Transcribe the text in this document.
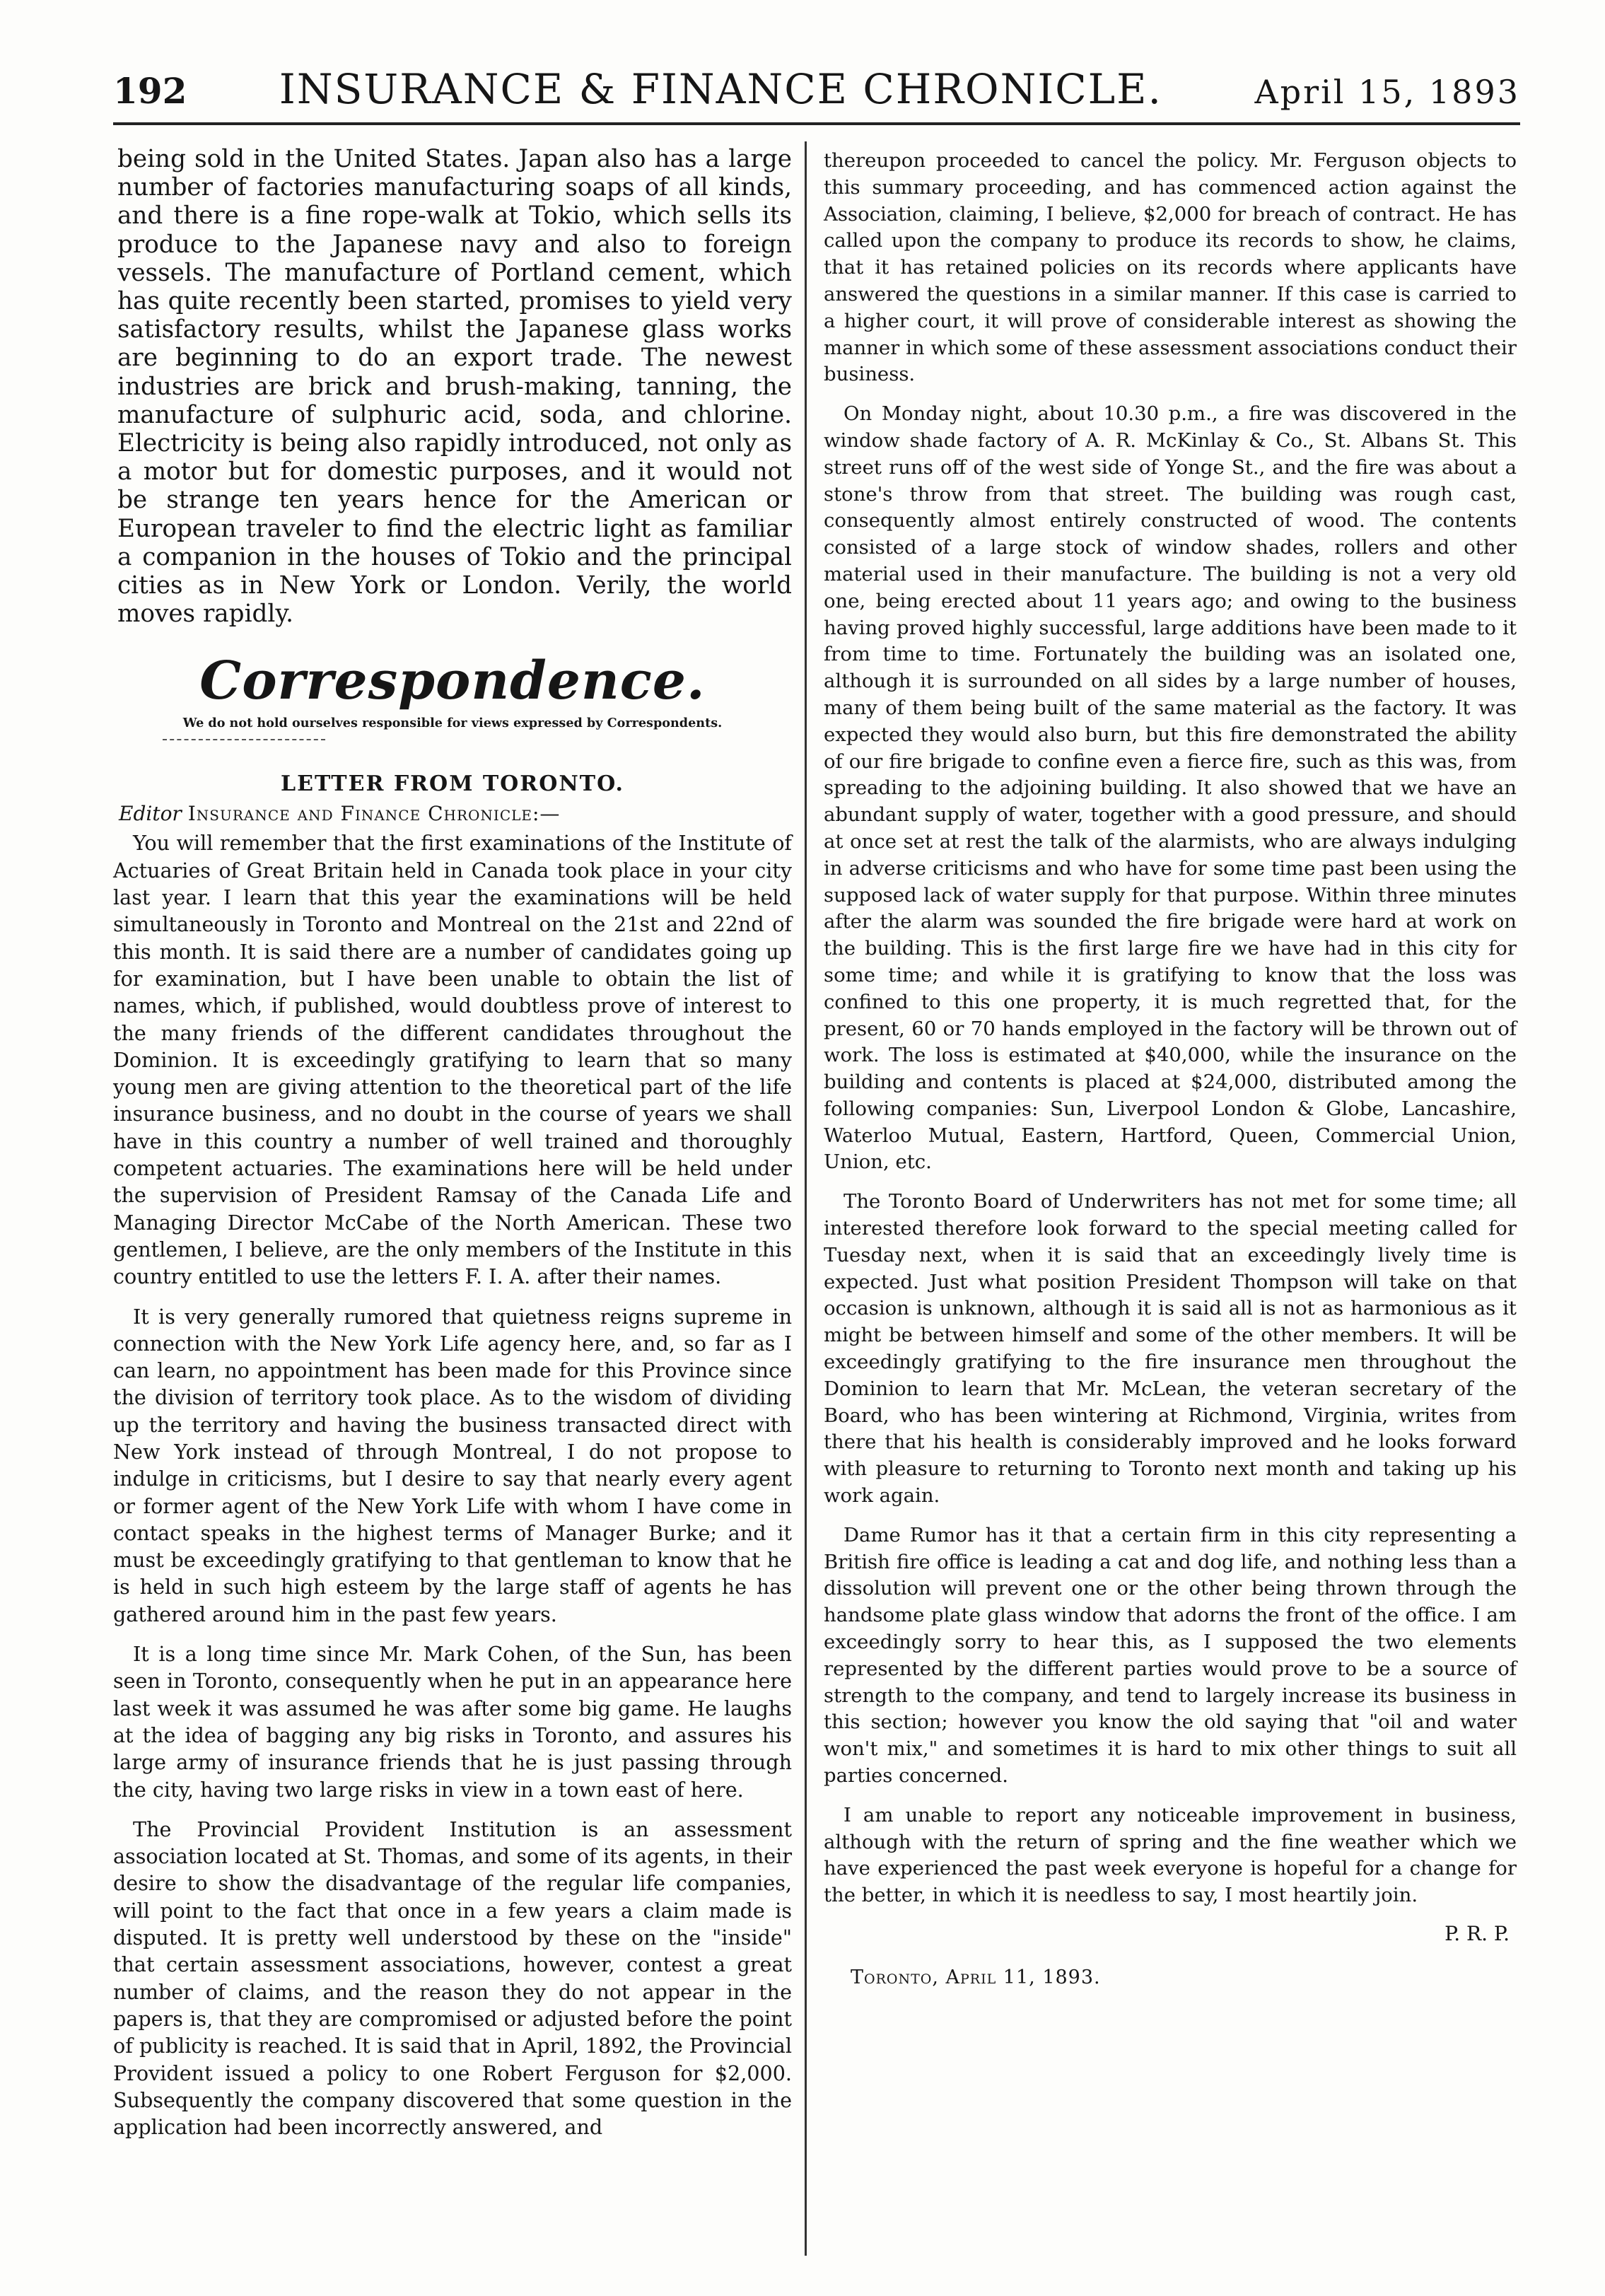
192 INSURANCE & FINANCE CHRONICLE.	April 15, 1893

being sold in the United States. Japan also has a large number of factories manufacturing soaps of all kinds, and there is a fine rope-walk at Tokio, which sells its produce to the Japanese navy and also to foreign vessels. The manufacture of Portland cement, which has quite recently been started, promises to yield very satisfactory results, whilst the Japanese glass works are beginning to do an export trade. The newest industries are brick and brush-making, tanning, the manufacture of sulphuric acid, soda, and chlorine. Electricity is being also rapidly introduced, not only as a motor but for domestic purposes, and it would not be strange ten years hence for the American or European traveler to find the electric light as familiar a companion in the houses of Tokio and the principal cities as in New York or London. Verily, the world moves rapidly.

Correspondence.

We do not hold ourselves responsible for views expressed by Correspondents.

LETTER FROM TORONTO.

Editor Insurance and Finance Chronicle:—

You will remember that the first examinations of the Institute of Actuaries of Great Britain held in Canada took place in your city last year. I learn that this year the examinations will be held simultaneously in Toronto and Montreal on the 21st and 22nd of this month. It is said there are a number of candidates going up for examination, but I have been unable to obtain the list of names, which, if published, would doubtless prove of interest to the many friends of the different candidates throughout the Dominion. It is exceedingly gratifying to learn that so many young men are giving attention to the theoretical part of the life insurance business, and no doubt in the course of years we shall have in this country a number of well trained and thoroughly competent actuaries. The examinations here will be held under the supervision of President Ramsay of the Canada Life and Managing Director McCabe of the North American. These two gentlemen, I believe, are the only members of the Institute in this country entitled to use the letters F. I. A. after their names.

It is very generally rumored that quietness reigns supreme in connection with the New York Life agency here, and, so far as I can learn, no appointment has been made for this Province since the division of territory took place. As to the wisdom of dividing up the territory and having the business transacted direct with New York instead of through Montreal, I do not propose to indulge in criticisms, but I desire to say that nearly every agent or former agent of the New York Life with whom I have come in contact speaks in the highest terms of Manager Burke; and it must be exceedingly gratifying to that gentleman to know that he is held in such high esteem by the large staff of agents he has gathered around him in the past few years.

It is a long time since Mr. Mark Cohen, of the Sun, has been seen in Toronto, consequently when he put in an appearance here last week it was assumed he was after some big game. He laughs at the idea of bagging any big risks in Toronto, and assures his large army of insurance friends that he is just passing through the city, having two large risks in view in a town east of here.

The Provincial Provident Institution is an assessment association located at St. Thomas, and some of its agents, in their desire to show the disadvantage of the regular life companies, will point to the fact that once in a few years a claim made is disputed. It is pretty well understood by these on the "inside" that certain assessment associations, however, contest a great number of claims, and the reason they do not appear in the papers is, that they are compromised or adjusted before the point of publicity is reached. It is said that in April, 1892, the Provincial Provident issued a policy to one Robert Ferguson for $2,000. Subsequently the company discovered that some question in the application had been incorrectly answered, and

thereupon proceeded to cancel the policy. Mr. Ferguson objects to this summary proceeding, and has commenced action against the Association, claiming, I believe, $2,000 for breach of contract. He has called upon the company to produce its records to show, he claims, that it has retained policies on its records where applicants have answered the questions in a similar manner. If this case is carried to a higher court, it will prove of considerable interest as showing the manner in which some of these assessment associations conduct their business.

On Monday night, about 10.30 p.m., a fire was discovered in the window shade factory of A. R. McKinlay & Co., St. Albans St. This street runs off of the west side of Yonge St., and the fire was about a stone's throw from that street. The building was rough cast, consequently almost entirely constructed of wood. The contents consisted of a large stock of window shades, rollers and other material used in their manufacture. The building is not a very old one, being erected about 11 years ago; and owing to the business having proved highly successful, large additions have been made to it from time to time. Fortunately the building was an isolated one, although it is surrounded on all sides by a large number of houses, many of them being built of the same material as the factory. It was expected they would also burn, but this fire demonstrated the ability of our fire brigade to confine even a fierce fire, such as this was, from spreading to the adjoining building. It also showed that we have an abundant supply of water, together with a good pressure, and should at once set at rest the talk of the alarmists, who are always indulging in adverse criticisms and who have for some time past been using the supposed lack of water supply for that purpose. Within three minutes after the alarm was sounded the fire brigade were hard at work on the building. This is the first large fire we have had in this city for some time; and while it is gratifying to know that the loss was confined to this one property, it is much regretted that, for the present, 60 or 70 hands employed in the factory will be thrown out of work. The loss is estimated at $40,000, while the insurance on the building and contents is placed at $24,000, distributed among the following companies: Sun, Liverpool London & Globe, Lancashire, Waterloo Mutual, Eastern, Hartford, Queen, Commercial Union, Union, etc.

The Toronto Board of Underwriters has not met for some time; all interested therefore look forward to the special meeting called for Tuesday next, when it is said that an exceedingly lively time is expected. Just what position President Thompson will take on that occasion is unknown, although it is said all is not as harmonious as it might be between himself and some of the other members. It will be exceedingly gratifying to the fire insurance men throughout the Dominion to learn that Mr. McLean, the veteran secretary of the Board, who has been wintering at Richmond, Virginia, writes from there that his health is considerably improved and he looks forward with pleasure to returning to Toronto next month and taking up his work again.

Dame Rumor has it that a certain firm in this city representing a British fire office is leading a cat and dog life, and nothing less than a dissolution will prevent one or the other being thrown through the handsome plate glass window that adorns the front of the office. I am exceedingly sorry to hear this, as I supposed the two elements represented by the different parties would prove to be a source of strength to the company, and tend to largely increase its business in this section; however you know the old saying that "oil and water won't mix," and sometimes it is hard to mix other things to suit all parties concerned.

I am unable to report any noticeable improvement in business, although with the return of spring and the fine weather which we have experienced the past week everyone is hopeful for a change for the better, in which it is needless to say, I most heartily join.

P. R. P.
Toronto, April 11, 1893.
